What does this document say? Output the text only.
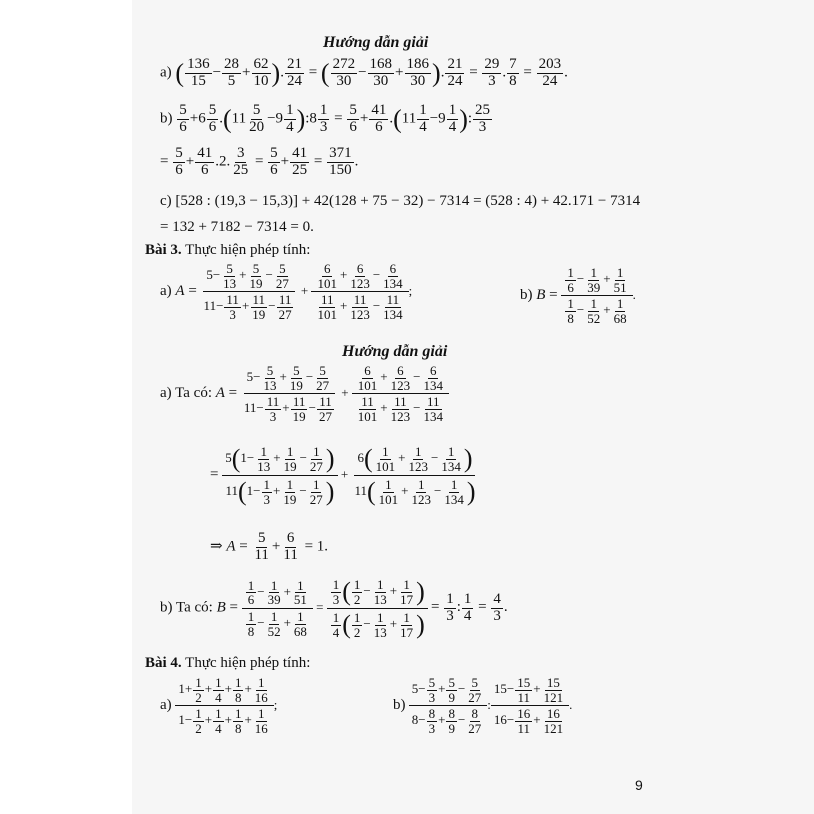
Hướng dẫn giải
a) ( $\frac{136}{15} - \frac{28}{5} + \frac{62}{10}$ ). $\frac{21}{24}$ = ( $\frac{272}{30} - \frac{168}{30} + \frac{186}{30}$ ). $\frac{21}{24} = \frac{29}{3}$ . $\frac{7}{8} = \frac{203}{24}$ .
$b) \frac{5}{6} +6 \frac{5}{6} .(11 \frac{5}{20} -9 \frac{1}{4}$ ):8 $\frac{1}{3} = \frac{5}{6} + \frac{41}{6} .(11 \frac{1}{4} -9 \frac{1}{4}$ ): $\frac{25}{3}$
= $\frac{5}{6} + \frac{41}{6} .2$. $\frac{3}{25} = \frac{5}{6} + \frac{41}{25} = \frac{371}{150}$ .
c) [528 : (19,3 − 15,3)] + 42(128 + 75 − 32) − 7314 = (528 : 4) + 42.171 − 7314
= 132 + 7182 − 7314 = 0.
Bài 3. Thực hiện phép tính:
a) $A = \frac{5- \frac{5}{13} + \frac{5}{19} - \frac{5}{27}}{11- \frac{11}{3} + \frac{11}{19} - \frac{11}{27}} + \frac{\frac{6}{101} + \frac{6}{123} - \frac{6}{134}}{\frac{11}{101} + \frac{11}{123} - \frac{11}{134}}$ ;	b) $B = \frac{\frac{1}{6} - \frac{1}{39} + \frac{1}{51}}{\frac{1}{8} - \frac{1}{52} + \frac{1}{68}}$ .
Hướng dẫn giải
a) Ta có: $A = \frac{5- \frac{5}{13} + \frac{5}{19} - \frac{5}{27}}{11- \frac{11}{3} + \frac{11}{19} - \frac{11}{27}} + \frac{\frac{6}{101} + \frac{6}{123} - \frac{6}{134}}{\frac{11}{101} + \frac{11}{123} - \frac{11}{134}}$
= $\frac{5(1- \frac{1}{13} + \frac{1}{19} - \frac{1}{27} )}{11(1- \frac{1}{3} + \frac{1}{19} - \frac{1}{27} )} + \frac{6( \frac{1}{101} + \frac{1}{123} - \frac{1}{134} )}{11( \frac{1}{101} + \frac{1}{123} - \frac{1}{134} )}$
⇒ $A = \frac{5}{11} + \frac{6}{11} = 1$.
b) Ta có: $B = \frac{\frac{1}{6} - \frac{1}{39} + \frac{1}{51}}{\frac{1}{8} - \frac{1}{52} + \frac{1}{68}} = \frac{\frac{1}{3} ( \frac{1}{2} - \frac{1}{13} + \frac{1}{17} )}{\frac{1}{4} ( \frac{1}{2} - \frac{1}{13} + \frac{1}{17} )} = \frac{1}{3}$ : $\frac{1}{4} = \frac{4}{3}$ .
Bài 4. Thực hiện phép tính:
$a) \frac{1+ \frac{1}{2} + \frac{1}{4} + \frac{1}{8} + \frac{1}{16}}{1- \frac{1}{2} + \frac{1}{4} + \frac{1}{8} + \frac{1}{16}}$ ;	$b) \frac{5- \frac{5}{3} + \frac{5}{9} - \frac{5}{27}}{8- \frac{8}{3} + \frac{8}{9} - \frac{8}{27}}$ : $\frac{15- \frac{15}{11} + \frac{15}{121}}{16- \frac{16}{11} + \frac{16}{121}}$ .
9
